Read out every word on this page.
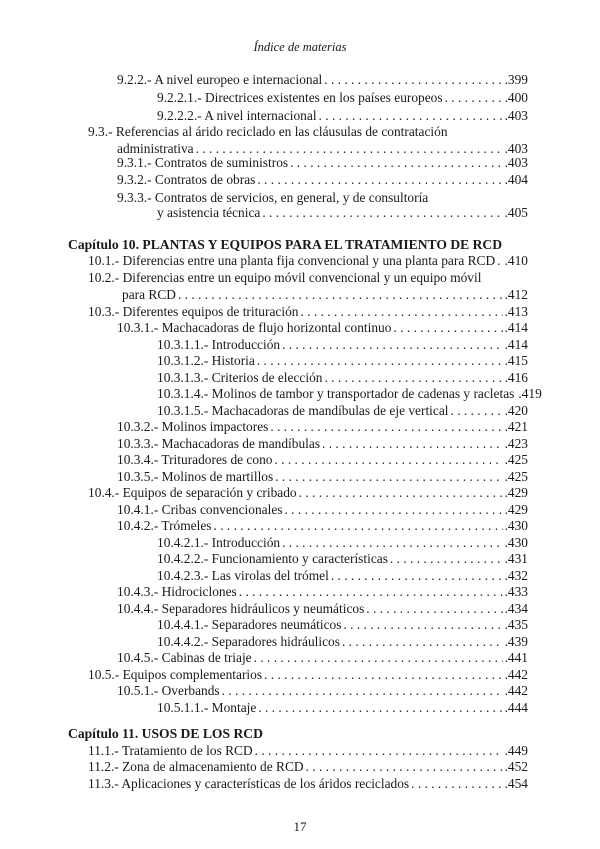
Índice de materias
9.2.2.- A nivel europeo e internacional . . .	.399
9.2.2.1.- Directrices existentes en los países europeos . . .	.400
9.2.2.2.- A nivel internacional . . .	.403
9.3.- Referencias al árido reciclado en las cláusulas de contratación
administrativa . . .	.403
9.3.1.- Contratos de suministros . . .	.403
9.3.2.- Contratos de obras . . .	.404
9.3.3.- Contratos de servicios, en general, y de consultoría
y asistencia técnica . . .	.405
Capítulo 10. PLANTAS Y EQUIPOS PARA EL TRATAMIENTO DE RCD
10.1.- Diferencias entre una planta fija convencional y una planta para RCD . . . .410
10.2.- Diferencias entre un equipo móvil convencional y un equipo móvil
para RCD . . .	.412
10.3.- Diferentes equipos de trituración . . .	.413
10.3.1.- Machacadoras de flujo horizontal continuo . . .	.414
10.3.1.1.- Introducción . . .	.414
10.3.1.2.- Historia . . .	.415
10.3.1.3.- Criterios de elección . . .	.416
10.3.1.4.- Molinos de tambor y transportador de cadenas y racletas .419
10.3.1.5.- Machacadoras de mandíbulas de eje vertical . . .	.420
10.3.2.- Molinos impactores . . .	.421
10.3.3.- Machacadoras de mandíbulas . . .	.423
10.3.4.- Trituradores de cono . . .	.425
10.3.5.- Molinos de martillos . . .	.425
10.4.- Equipos de separación y cribado . . .	.429
10.4.1.- Cribas convencionales . . .	.429
10.4.2.- Trómeles . . .	.430
10.4.2.1.- Introducción . . .	.430
10.4.2.2.- Funcionamiento y características . . .	.431
10.4.2.3.- Las virolas del trómel . . .	.432
10.4.3.- Hidrociclones . . .	.433
10.4.4.- Separadores hidráulicos y neumáticos . . .	.434
10.4.4.1.- Separadores neumáticos . . .	.435
10.4.4.2.- Separadores hidráulicos . . .	.439
10.4.5.- Cabinas de triaje . . .	.441
10.5.- Equipos complementarios . . .	.442
10.5.1.- Overbands . . .	.442
10.5.1.1.- Montaje . . .	.444
Capítulo 11. USOS DE LOS RCD
11.1.- Tratamiento de los RCD . . .	.449
11.2.- Zona de almacenamiento de RCD . . .	.452
11.3.- Aplicaciones y características de los áridos reciclados . . .	.454
17
